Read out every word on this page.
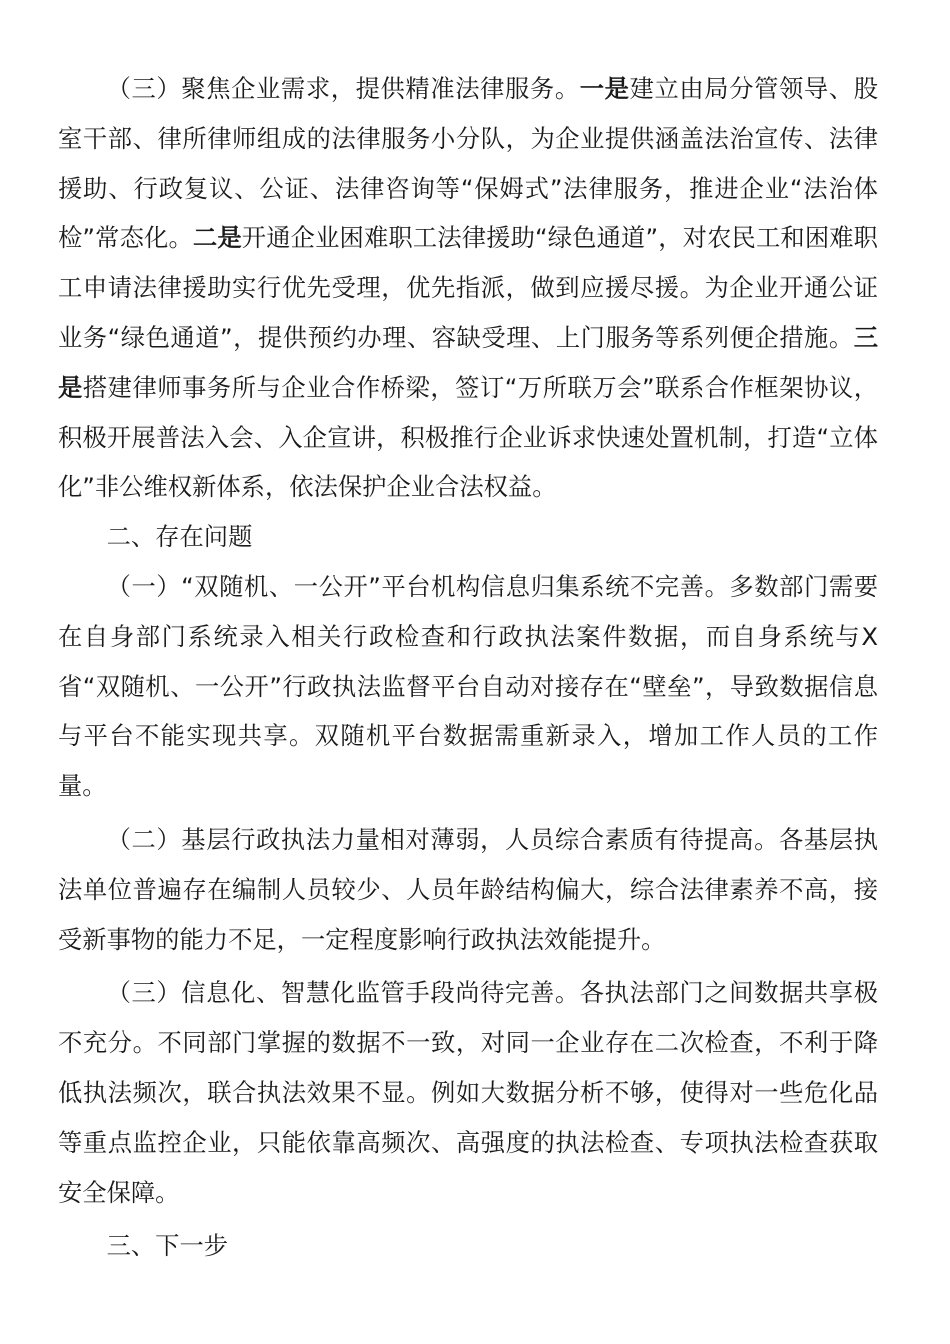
（三）聚焦企业需求，提供精准法律服务。一是建立由局分管领导、股室干部、律所律师组成的法律服务小分队，为企业提供涵盖法治宣传、法律援助、行政复议、公证、法律咨询等“保姆式”法律服务，推进企业“法治体检”常态化。二是开通企业困难职工法律援助“绿色通道”，对农民工和困难职工申请法律援助实行优先受理，优先指派，做到应援尽援。为企业开通公证业务“绿色通道”，提供预约办理、容缺受理、上门服务等系列便企措施。三是搭建律师事务所与企业合作桥梁，签订“万所联万会”联系合作框架协议，积极开展普法入会、入企宣讲，积极推行企业诉求快速处置机制，打造“立体化”非公维权新体系，依法保护企业合法权益。

二、存在问题

（一）“双随机、一公开”平台机构信息归集系统不完善。多数部门需要在自身部门系统录入相关行政检查和行政执法案件数据，而自身系统与X省“双随机、一公开”行政执法监督平台自动对接存在“壁垒”，导致数据信息与平台不能实现共享。双随机平台数据需重新录入，增加工作人员的工作量。

（二）基层行政执法力量相对薄弱，人员综合素质有待提高。各基层执法单位普遍存在编制人员较少、人员年龄结构偏大，综合法律素养不高，接受新事物的能力不足，一定程度影响行政执法效能提升。

（三）信息化、智慧化监管手段尚待完善。各执法部门之间数据共享极不充分。不同部门掌握的数据不一致，对同一企业存在二次检查，不利于降低执法频次，联合执法效果不显。例如大数据分析不够，使得对一些危化品等重点监控企业，只能依靠高频次、高强度的执法检查、专项执法检查获取安全保障。

三、下一步
